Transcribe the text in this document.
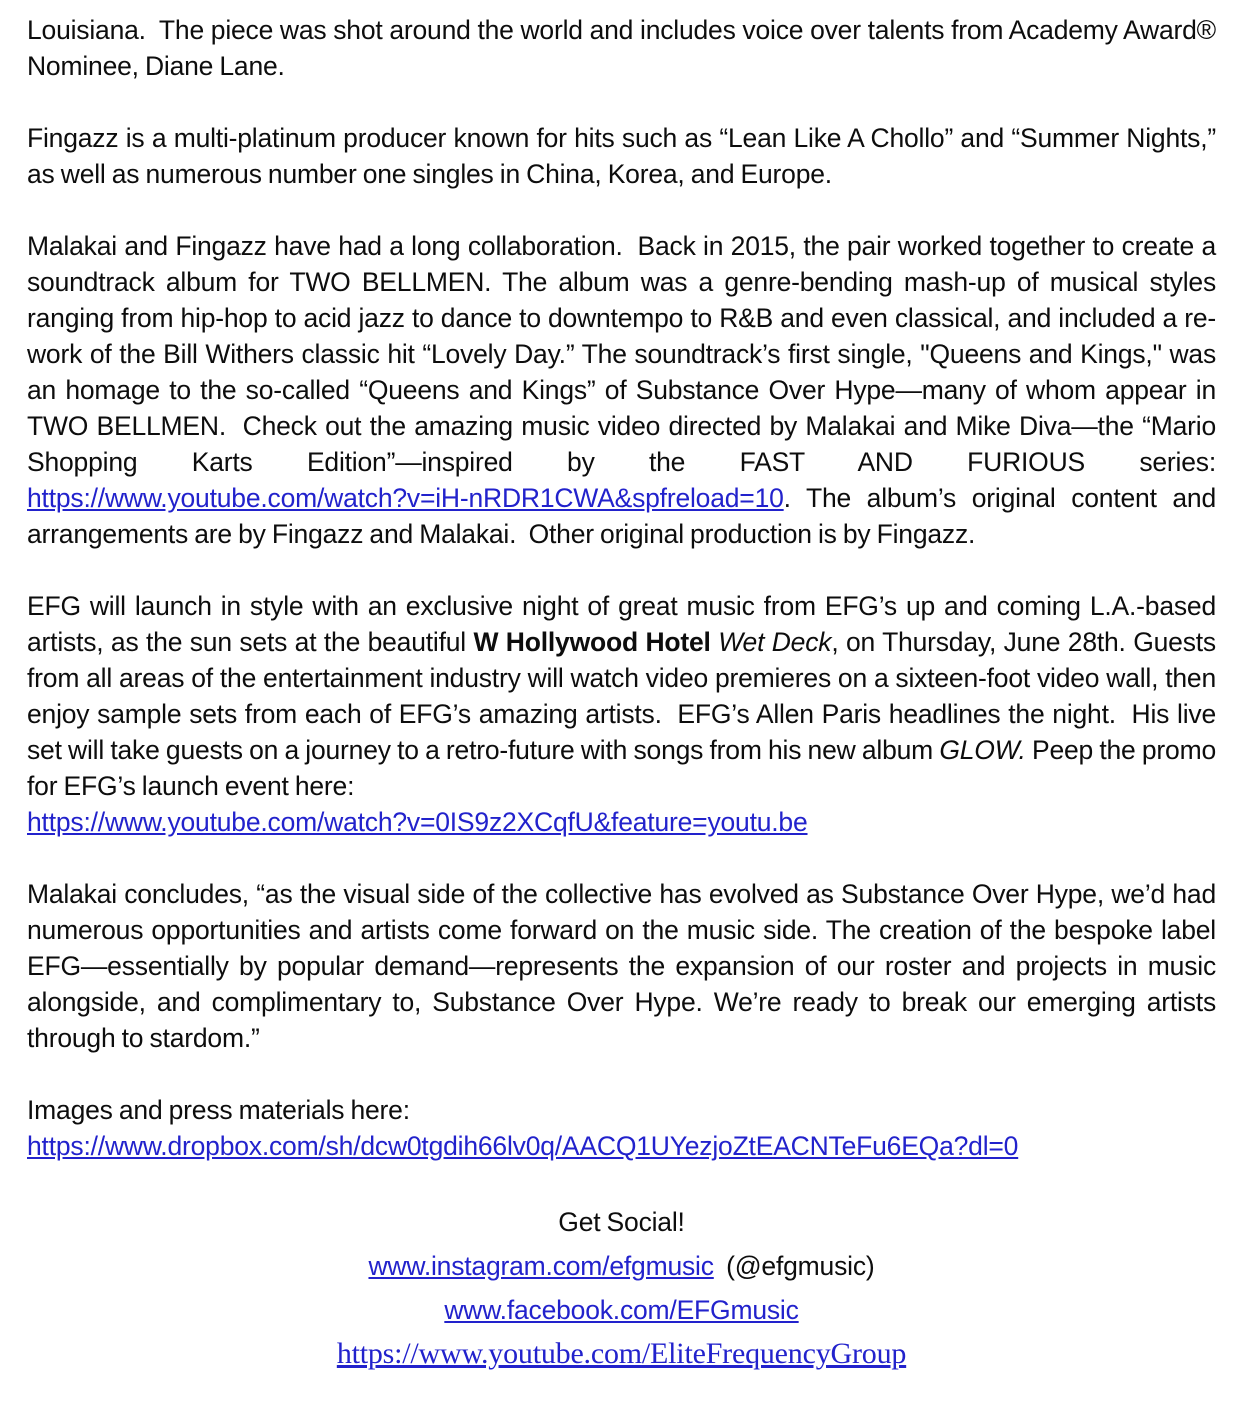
Louisiana.  The piece was shot around the world and includes voice over talents from Academy Award® Nominee, Diane Lane.
Fingazz is a multi-platinum producer known for hits such as “Lean Like A Chollo” and “Summer Nights,” as well as numerous number one singles in China, Korea, and Europe.
Malakai and Fingazz have had a long collaboration.  Back in 2015, the pair worked together to create a soundtrack album for TWO BELLMEN. The album was a genre-bending mash-up of musical styles ranging from hip-hop to acid jazz to dance to downtempo to R&B and even classical, and included a re-work of the Bill Withers classic hit “Lovely Day.” The soundtrack’s first single, "Queens and Kings," was an homage to the so-called “Queens and Kings” of Substance Over Hype—many of whom appear in TWO BELLMEN.  Check out the amazing music video directed by Malakai and Mike Diva—the “Mario Shopping Karts Edition”—inspired by the FAST AND FURIOUS series: https://www.youtube.com/watch?v=iH-nRDR1CWA&spfreload=10. The album’s original content and arrangements are by Fingazz and Malakai.  Other original production is by Fingazz.
EFG will launch in style with an exclusive night of great music from EFG’s up and coming L.A.-based artists, as the sun sets at the beautiful W Hollywood Hotel Wet Deck, on Thursday, June 28th. Guests from all areas of the entertainment industry will watch video premieres on a sixteen-foot video wall, then enjoy sample sets from each of EFG’s amazing artists.  EFG’s Allen Paris headlines the night.  His live set will take guests on a journey to a retro-future with songs from his new album GLOW. Peep the promo for EFG’s launch event here:
https://www.youtube.com/watch?v=0IS9z2XCqfU&feature=youtu.be
Malakai concludes, “as the visual side of the collective has evolved as Substance Over Hype, we’d had numerous opportunities and artists come forward on the music side. The creation of the bespoke label EFG—essentially by popular demand—represents the expansion of our roster and projects in music alongside, and complimentary to, Substance Over Hype. We’re ready to break our emerging artists through to stardom.”
Images and press materials here:
https://www.dropbox.com/sh/dcw0tgdih66lv0q/AACQ1UYezjoZtEACNTeFu6EQa?dl=0
Get Social!
www.instagram.com/efgmusic  (@efgmusic)
www.facebook.com/EFGmusic
https://www.youtube.com/EliteFrequencyGroup
